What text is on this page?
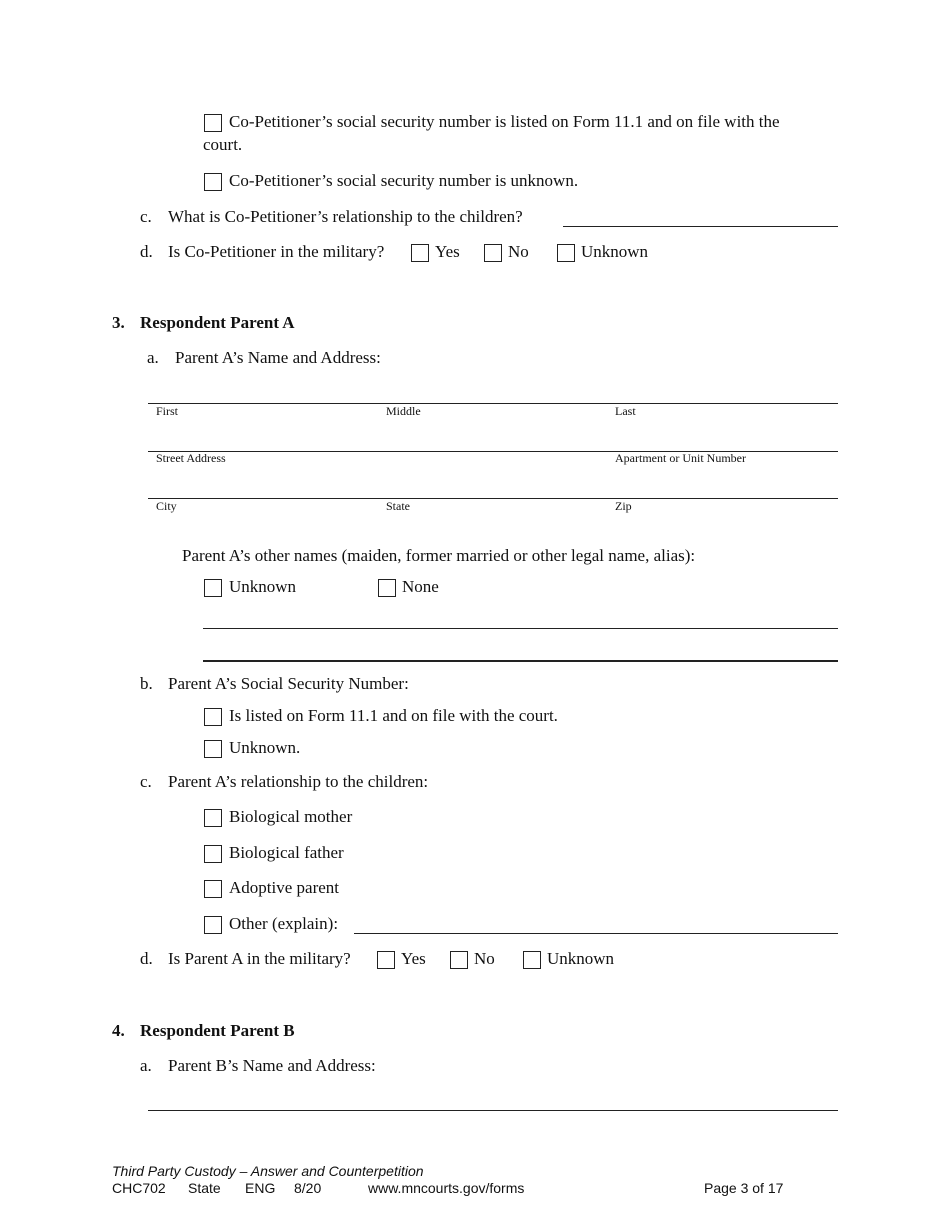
Co-Petitioner’s social security number is listed on Form 11.1 and on file with the
court.
Co-Petitioner’s social security number is unknown.
c. What is Co-Petitioner’s relationship to the children?
d. Is Co-Petitioner in the military?	Yes	No	Unknown
3. Respondent Parent A
a. Parent A’s Name and Address:
First	Middle	Last
Street Address	Apartment or Unit Number
City	State	Zip
Parent A’s other names (maiden, former married or other legal name, alias):
Unknown	None
b. Parent A’s Social Security Number:
Is listed on Form 11.1 and on file with the court.
Unknown.
c. Parent A’s relationship to the children:
Biological mother
Biological father
Adoptive parent
Other (explain):
d. Is Parent A in the military?	Yes	No	Unknown
4. Respondent Parent B
a. Parent B’s Name and Address:
Third Party Custody – Answer and Counterpetition
CHC702 State ENG 8/20	www.mncourts.gov/forms	Page 3 of 17
